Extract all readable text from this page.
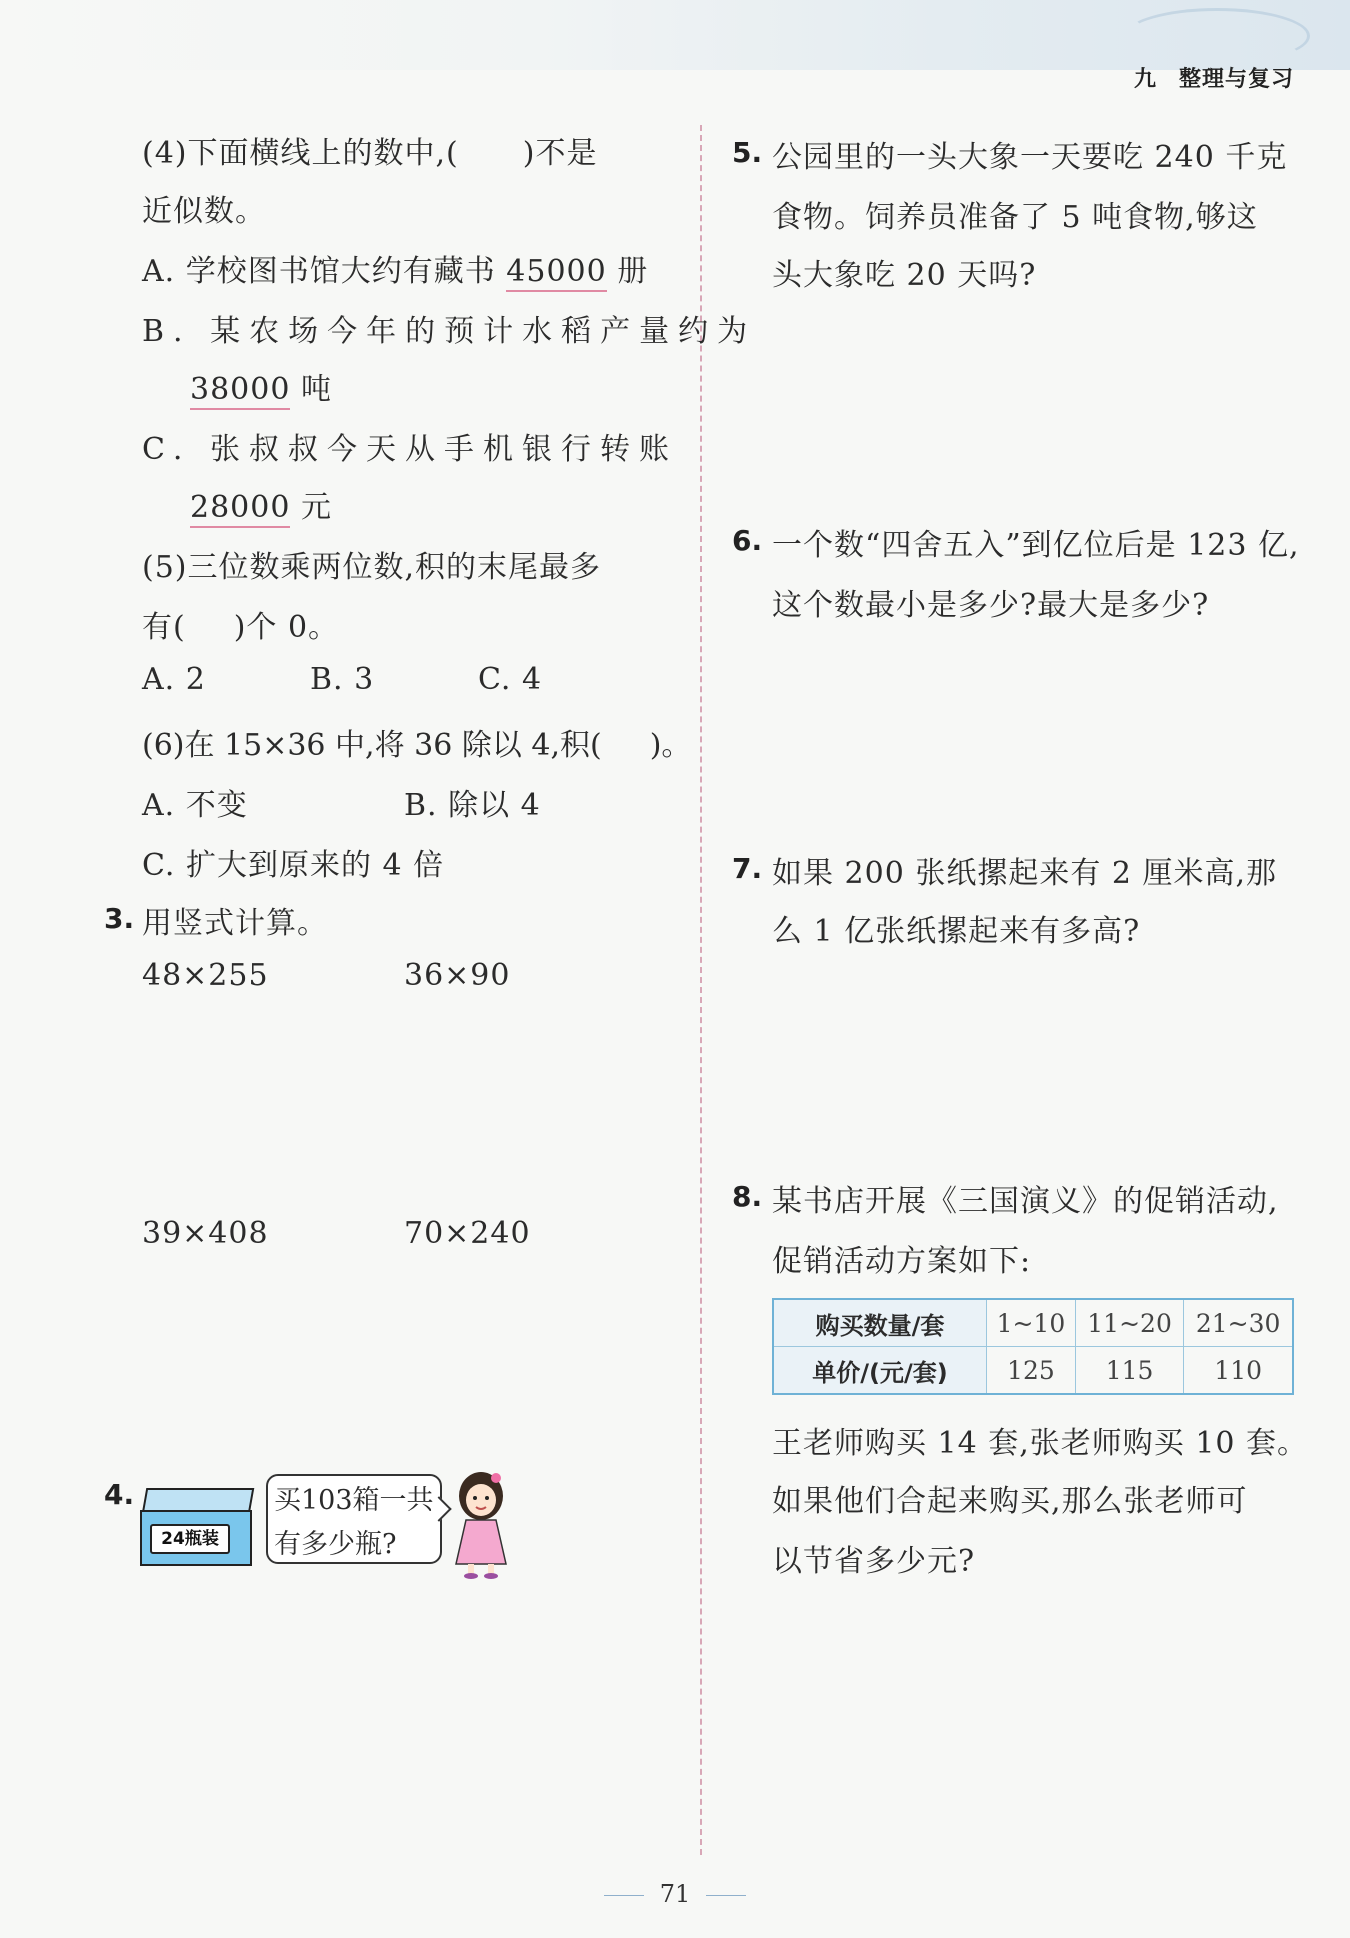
九 整理与复习
(4)下面横线上的数中,( )不是
近似数。
A. 学校图书馆大约有藏书 45000 册
B. 某农场今年的预计水稻产量约为
38000 吨
C. 张叔叔今天从手机银行转账
28000 元
(5)三位数乘两位数,积的末尾最多
有( )个 0。
A. 2	B. 3	C. 4
(6)在 15×36 中,将 36 除以 4,积( )。
A. 不变	B. 除以 4
C. 扩大到原来的 4 倍
3. 用竖式计算。
48×255	36×90
39×408	70×240
4.
24瓶装
买103箱一共
有多少瓶?
5. 公园里的一头大象一天要吃 240 千克
食物。饲养员准备了 5 吨食物,够这
头大象吃 20 天吗?
6. 一个数“四舍五入”到亿位后是 123 亿,
这个数最小是多少?最大是多少?
7. 如果 200 张纸摞起来有 2 厘米高,那
么 1 亿张纸摞起来有多高?
8. 某书店开展《三国演义》的促销活动,
促销活动方案如下:
购买数量/套	1~10	11~20	21~30
单价/(元/套)	125	115	110
王老师购买 14 套,张老师购买 10 套。
如果他们合起来购买,那么张老师可
以节省多少元?
71
